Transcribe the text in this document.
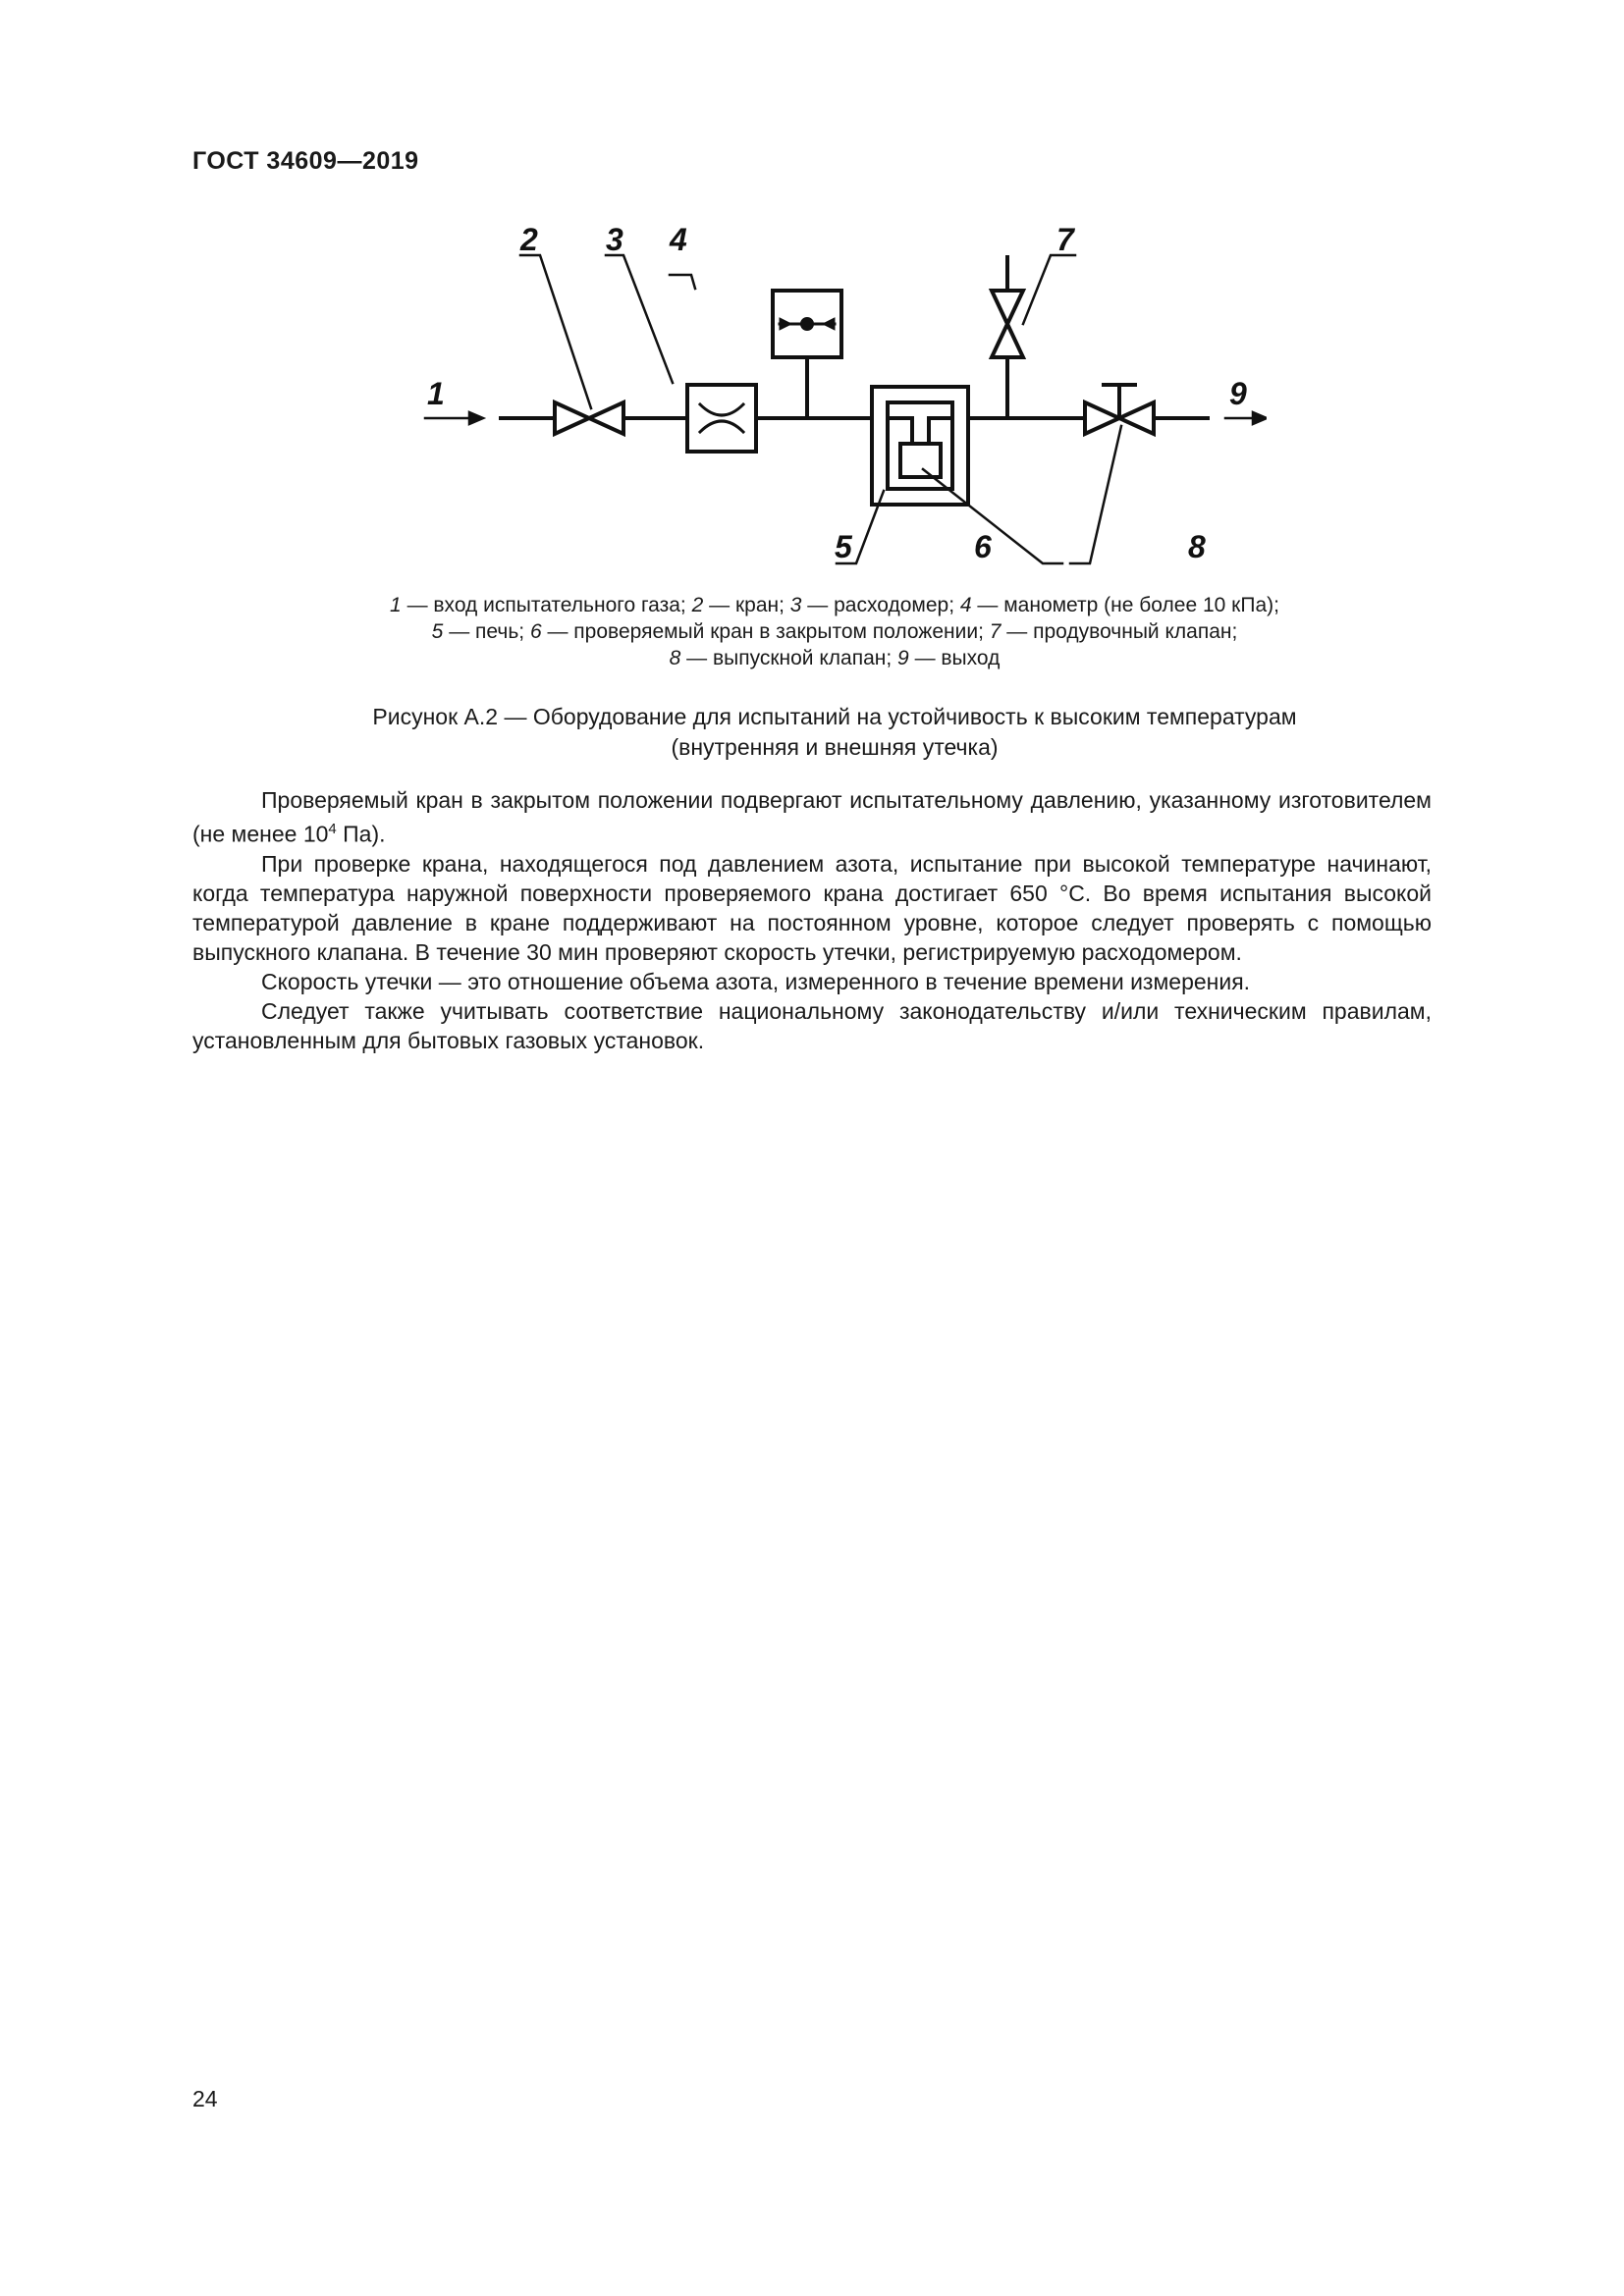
ГОСТ 34609—2019
1
2 3 4
5	6
7
8
9
1 — вход испытательного газа; 2 — кран; 3 — расходомер; 4 — манометр (не более 10 кПа);
5 — печь; 6 — проверяемый кран в закрытом положении; 7 — продувочный клапан;
8 — выпускной клапан; 9 — выход
Рисунок А.2 — Оборудование для испытаний на устойчивость к высоким температурам
(внутренняя и внешняя утечка)

Проверяемый кран в закрытом положении подвергают испытательному давлению, указанному изготовителем (не менее $10^4$ Па).

При проверке крана, находящегося под давлением азота, испытание при высокой температуре начинают, когда температура наружной поверхности проверяемого крана достигает 650 °С. Во время испытания высокой температурой давление в кране поддерживают на постоянном уровне, которое следует проверять с помощью выпускного клапана. В течение 30 мин проверяют скорость утечки, регистрируемую расходомером.

Скорость утечки — это отношение объема азота, измеренного в течение времени измерения.

Следует также учитывать соответствие национальному законодательству и/или техническим правилам, установленным для бытовых газовых установок.

24
